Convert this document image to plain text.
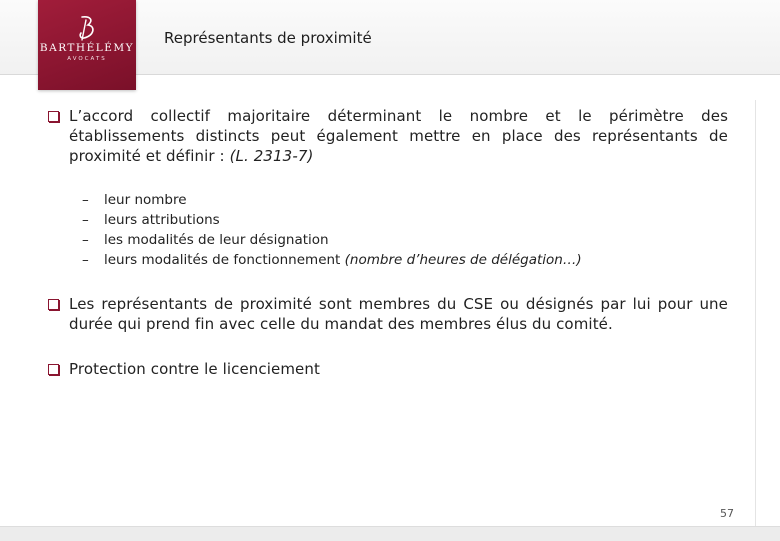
BARTHÉLÉMY
AVOCATS
Représentants de proximité
L’accord collectif majoritaire déterminant le nombre et le périmètre des établissements distincts peut également mettre en place des représentants de proximité et définir : (L. 2313-7)
– leur nombre
– leurs attributions
– les modalités de leur désignation
– leurs modalités de fonctionnement (nombre d’heures de délégation…)
Les représentants de proximité sont membres du CSE ou désignés par lui pour une durée qui prend fin avec celle du mandat des membres élus du comité.
Protection contre le licenciement
57
